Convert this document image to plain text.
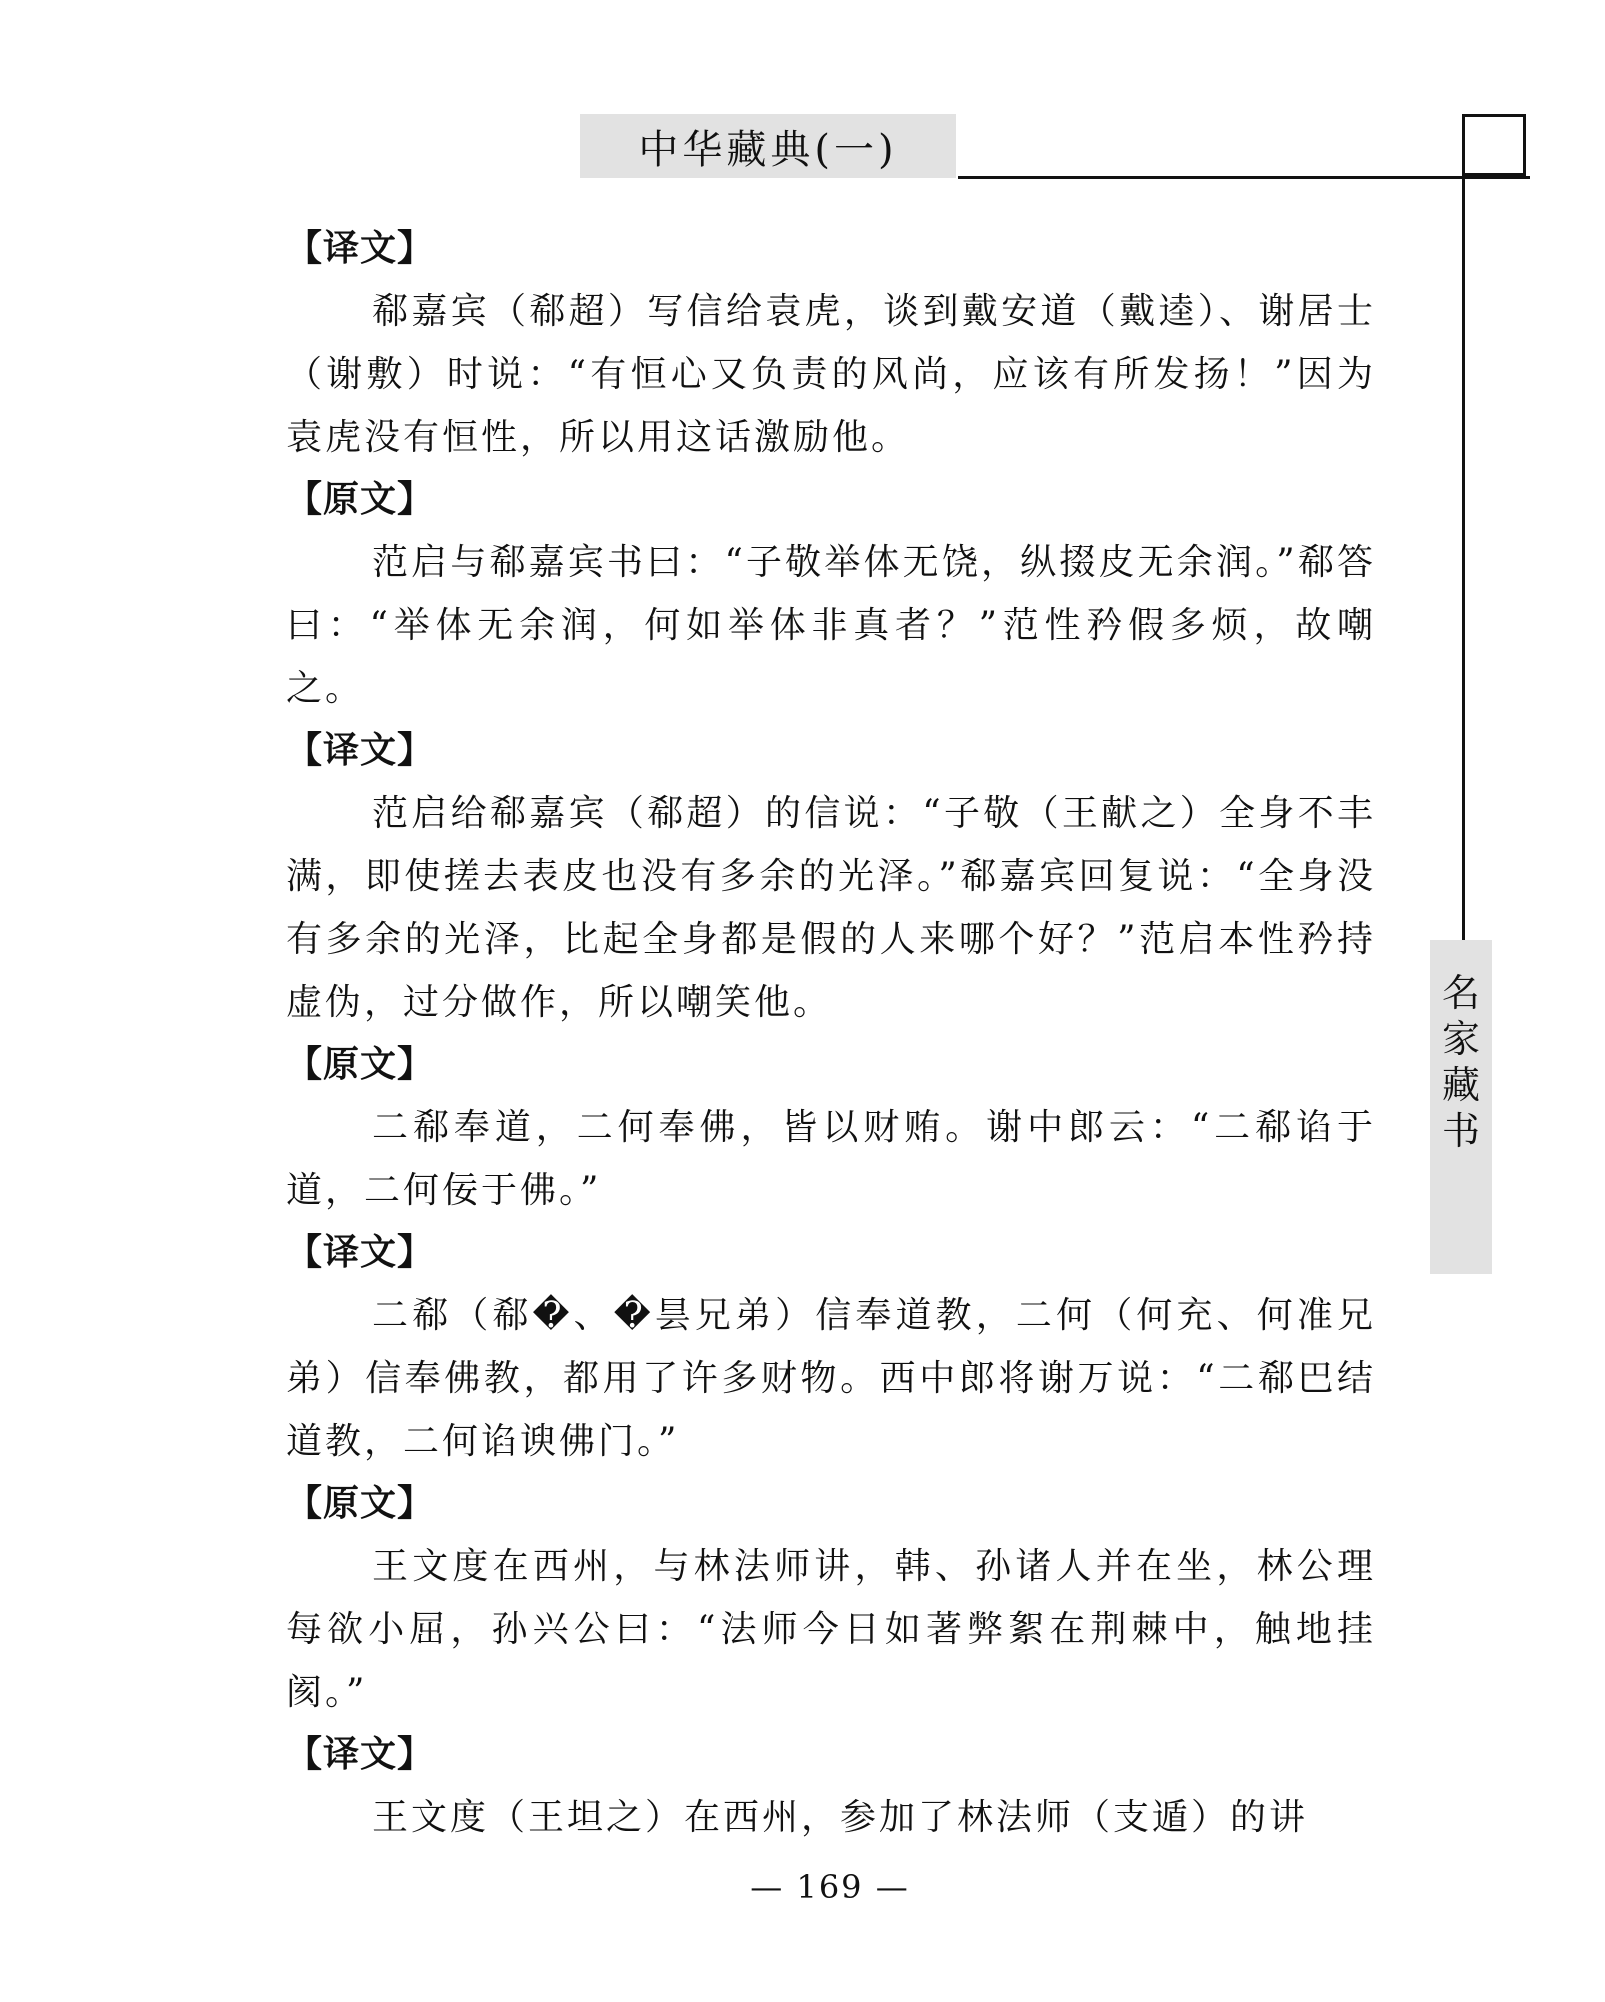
中华藏典(一)
名
家
藏
书
【译文】

郗嘉宾（郗超）写信给袁虎，谈到戴安道（戴逵）、谢居士（谢敷）时说：“有恒心又负责的风尚，应该有所发扬！”因为袁虎没有恒性，所以用这话激励他。

【原文】

范启与郗嘉宾书曰：“子敬举体无饶，纵掇皮无余润。”郗答曰：“举体无余润，何如举体非真者？”范性矜假多烦，故嘲之。

【译文】

范启给郗嘉宾（郗超）的信说：“子敬（王献之）全身不丰满，即使搓去表皮也没有多余的光泽。”郗嘉宾回复说：“全身没有多余的光泽，比起全身都是假的人来哪个好？”范启本性矜持虚伪，过分做作，所以嘲笑他。

【原文】

二郗奉道，二何奉佛，皆以财贿。谢中郎云：“二郗谄于道，二何佞于佛。”

【译文】

二郗（郗�、�昙兄弟）信奉道教，二何（何充、何准兄弟）信奉佛教，都用了许多财物。西中郎将谢万说：“二郗巴结道教，二何谄谀佛门。”

【原文】

王文度在西州，与林法师讲，韩、孙诸人并在坐，林公理每欲小屈，孙兴公曰：“法师今日如著弊絮在荆棘中，触地挂阂。”

【译文】

王文度（王坦之）在西州，参加了林法师（支遁）的讲

— 169 —
